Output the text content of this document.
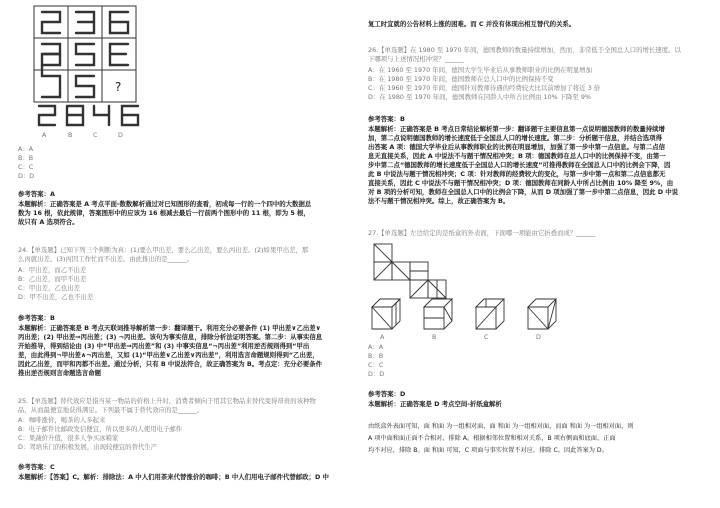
?
A	B	C	D
A：A
B：B
C：C
D：D
参考答案：A
本题解析：正确答案是 A 考点平面-数数解析通过对已知图形的查看，初成每一行的一个四中的大数据总
数为 16 根，依此规律，答案图形中的应该为 16 根减去最后一行前两个图形中的 11 根，即为 5 根，
故只有 A 选项符合。
24.【单选题】已知下列三个判断为真：(1)要么甲出差，要么乙出差，要么丙出差。(2)如果甲出差，那
么丙就出差。(3)丙因工作忙而不出差。由此推出的是______。
A：甲出差，而乙不出差
B：乙出差，而甲不出差
C：甲出差，乙也出差
D：甲不出差，乙也不出差
参考答案：B
本题解析：正确答案是 B 考点天联词推导解析第一步：翻译题干。利用充分必要条件 (1) 甲出差∨乙出差∨
丙出差；(2) 甲出差⇒丙出差；(3) ¬丙出差。该句为事实信息，排除分析法证明答案。第二步：从事实信息
开始推导，得到结论由 (3) 中“甲出差⇒丙出差”和 (3) 中事实信息“¬丙出差”利用逆否规则得到“甲出
差，由此得到¬甲出差∧¬丙出差，又如 (1)“甲出差∨乙出差∨丙出差”，利用选言命题规则得到“乙出差，
因此乙出差，而甲和丙都不出差。通过分析，只有 B 中说法符合，故正确答案为 B。考点定：充分必要条件
推出逆否规则言命题选言命题
25.【单选题】替代效应是指当某一物品的价格上升时，消费者倾向于用其它物品来替代变得昂贵的该种物
品，从而最便宜地获得满足。下列最不属于替代效应的是______。
A：咖啡涨价，喝茶的人多起来
B：电子邮件比邮政发信便宜，所以更多的人使用电子邮件
C：果蔬价升值，很多人争买冰箱家
D：驾培乐门的积极发展，出现较便宜的替代生产
参考答案：C
本题解析：【答案】C。解析：排除法：A 中人们用茶来代替涨价的咖啡；B 中人们用电子邮件代替邮政；D 中
复工时宜就的公告材料上涨的困难。而 C 并没有体现出相互替代的关系。
26.【单选题】在 1980 至 1970 年间，德国教师的数量持续增加，然而，非常低于全国总人口的增长速度。以
下哪项与上述情况相冲突？______
A：在 1960 至 1970 年间，德国大学生毕业后从事教师职业的比例在明显增加
B：在 1980 至 1970 年间，德国教师在总人口中的比例保持不变
C：在 1960 至 1970 年间，德国针对教师待遇的经费较大比以前增加了将近 3 倍
D：在 1980 至 1970 年间，德国教师在同龄人中所占比例由 10% 下降至 9%
参考答案：B
本题解析：正确答案是 B 考点日常结论解析第一步：翻译题干主要信息第一点说明德国教师的数量持续增
加，第二点说明德国教师的增长速度低于全国总人口的增长速度。第二步：分析题干信息，并结合选项得
出答案 A 项：德国大学毕业后从事教师职业的比例在明显增加，加强了第一步中第一点信息。与第二点信
息无直接关系，因此 A 中说法不与题干情况相冲突；B 项：德国教师在总人口中的比例保持不变，由第一
步中第二点“德国教师的增长速度低于全国总人口的增长速度”可推得教师在全国总人口中的比例会下降，因
此 B 中说法与题干情况相冲突；C 项：针对教师的经费较大的变化，与第一步中第一点和第二点信息都无
直接关系，因此 C 中说法不与题干情况相冲突；D 项：德国教师在同龄人中所占比例由 10% 降至 9%，由
对 B 项的分析可知，教师在全国总人口中的比例会下降，从而 D 项加强了第一步中第二点信息，因此 D 中说
法不与题干情况相冲突。综上，故正确答案为 B。
27.【单选题】左边给定的是纸盒的外表面，下面哪一项能由它折叠而成？______
A	B	C	D
A：A
B：B
C：C
D：D
参考答案：D
本题解析：正确答案是 D 考点空间-折纸盒解析
由纸盒外表面可知，面 和面 为一组相对面，面 和面 为一组相对面，而面 和面 为一组相对面，则
A 项中面和面正面不合相对，排除 A。根据相邻位置和相对关系，B 项右侧面和底面、正面
均不对应，排除 B。面 和面 可知，C 项面与事实位置不对应，排除 C。因此答案为 D。
